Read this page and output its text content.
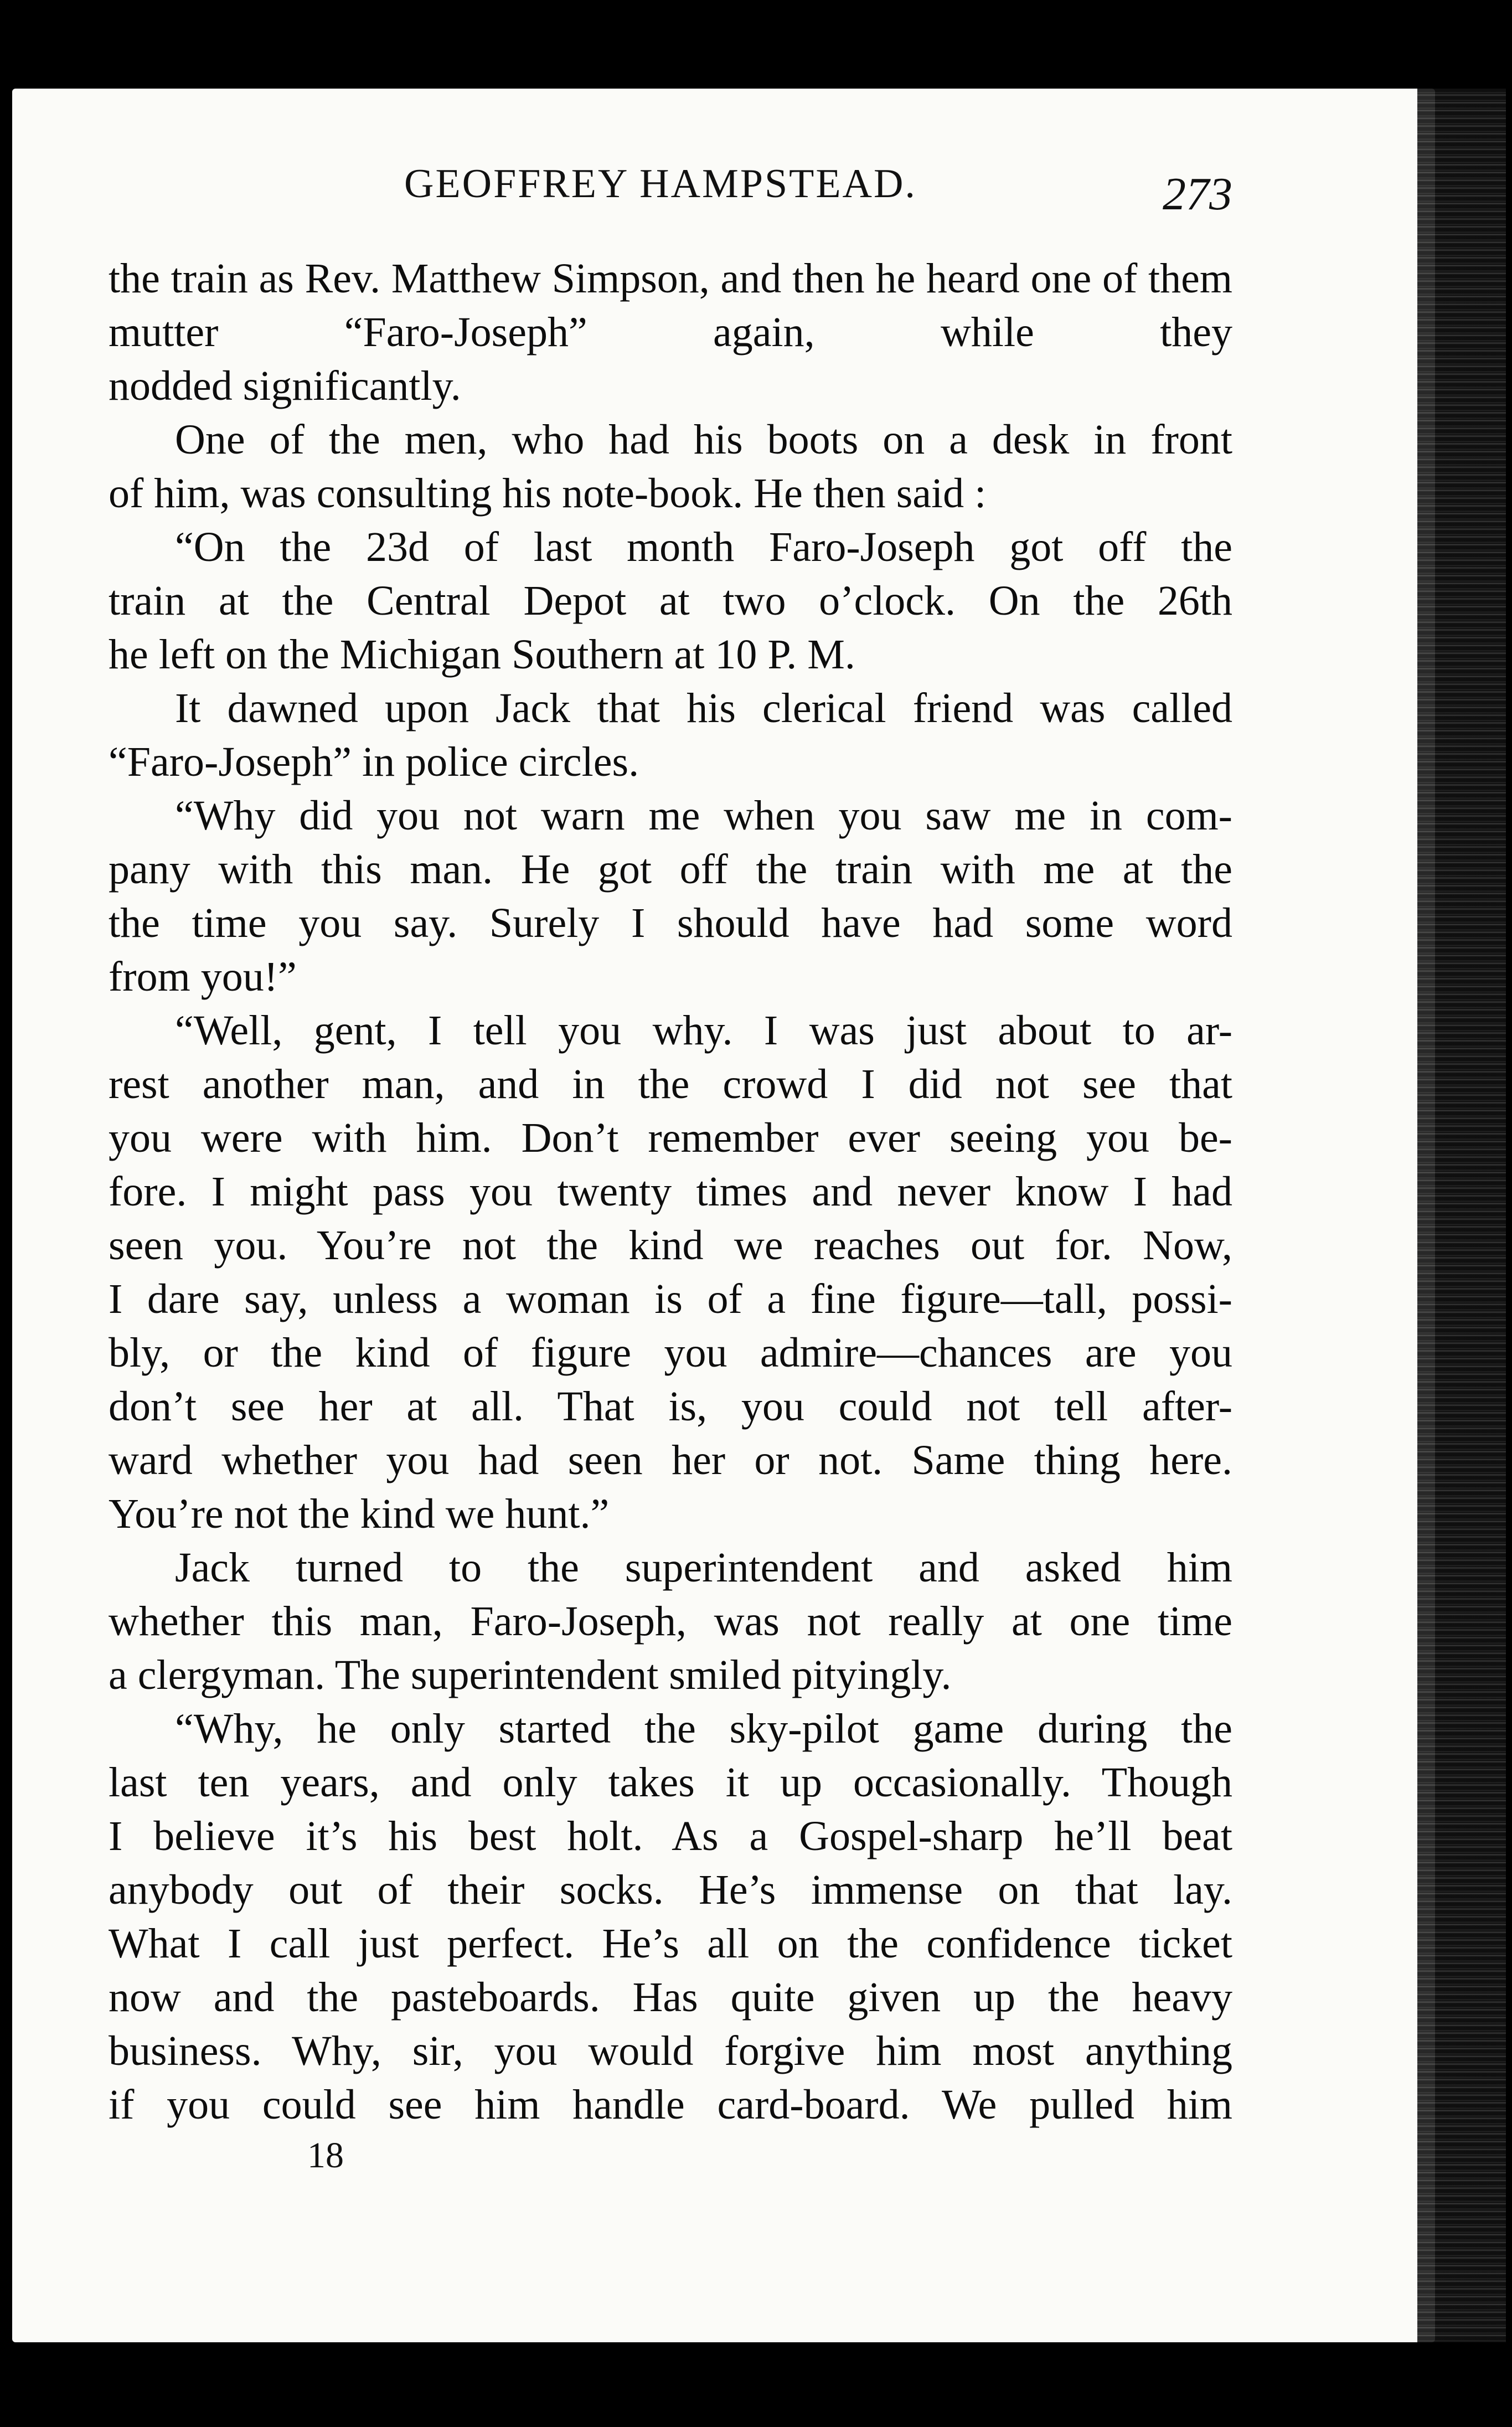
GEOFFREY HAMPSTEAD.	273

the train as Rev. Matthew Simpson, and then he heard one of them mutter “Faro-Joseph” again, while they

nodded significantly.

One of the men, who had his boots on a desk in front

of him, was consulting his note-book. He then said :

“On the 23d of last month Faro-Joseph got off the

train at the Central Depot at two o’clock. On the 26th

he left on the Michigan Southern at 10 P. M.

It dawned upon Jack that his clerical friend was called

“Faro-Joseph” in police circles.

“Why did you not warn me when you saw me in com-

pany with this man. He got off the train with me at the

the time you say. Surely I should have had some word

from you!”

“Well, gent, I tell you why. I was just about to ar-

rest another man, and in the crowd I did not see that

you were with him. Don’t remember ever seeing you be-

fore. I might pass you twenty times and never know I had

seen you. You’re not the kind we reaches out for. Now,

I dare say, unless a woman is of a fine figure—tall, possi-

bly, or the kind of figure you admire—chances are you

don’t see her at all. That is, you could not tell after-

ward whether you had seen her or not. Same thing here.

You’re not the kind we hunt.”

Jack turned to the superintendent and asked him

whether this man, Faro-Joseph, was not really at one time

a clergyman. The superintendent smiled pityingly.

“Why, he only started the sky-pilot game during the

last ten years, and only takes it up occasionally. Though

I believe it’s his best holt. As a Gospel-sharp he’ll beat

anybody out of their socks. He’s immense on that lay.

What I call just perfect. He’s all on the confidence ticket

now and the pasteboards. Has quite given up the heavy

business. Why, sir, you would forgive him most anything

if you could see him handle card-board. We pulled him

18
